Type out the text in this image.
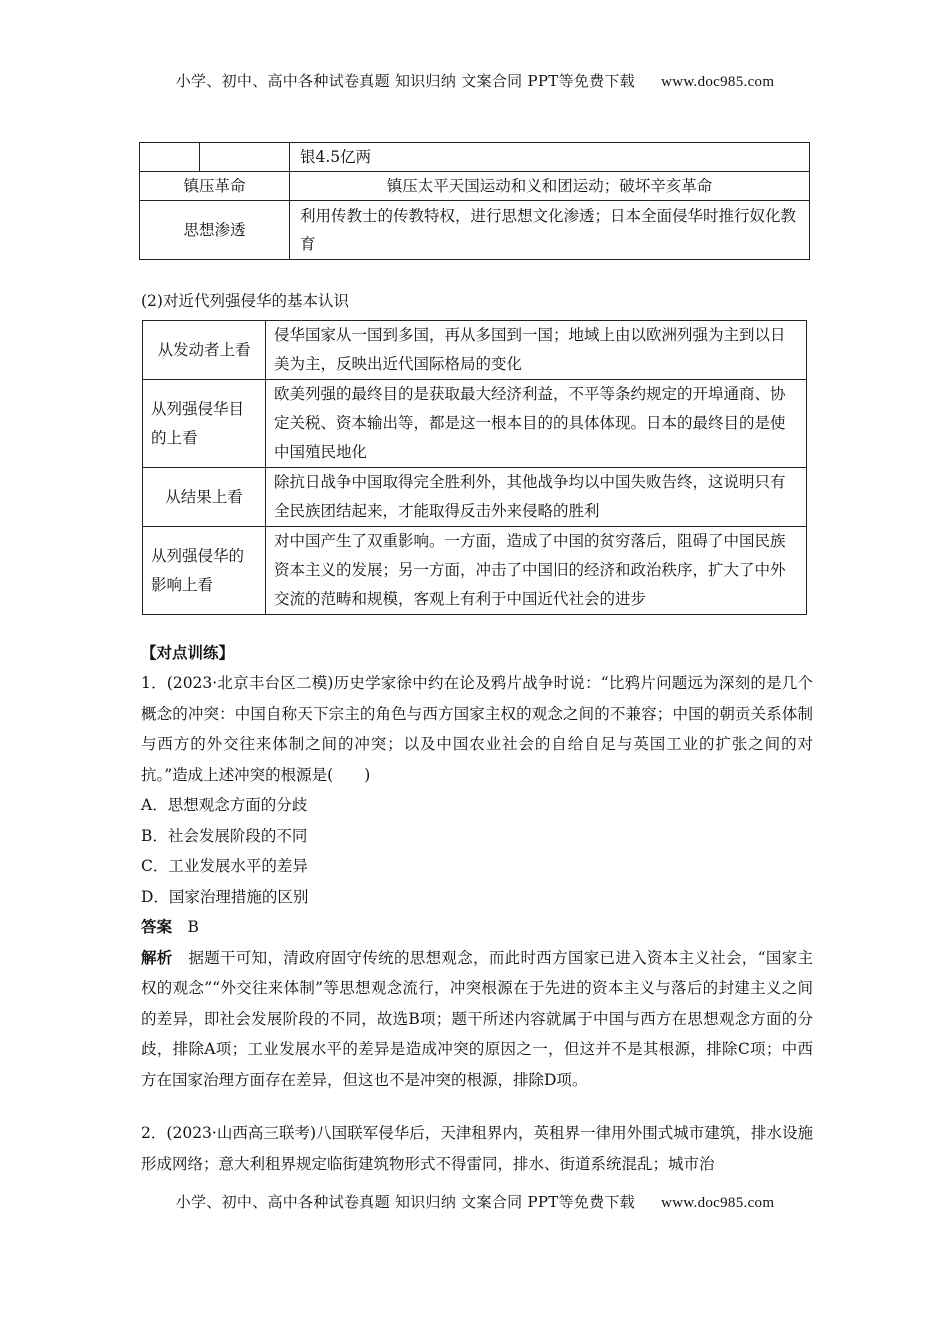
小学、初中、高中各种试卷真题 知识归纳 文案合同 PPT等免费下载 www.doc985.com
		银4.5亿两
镇压革命		镇压太平天国运动和义和团运动；破坏辛亥革命
思想渗透		利用传教士的传教特权，进行思想文化渗透；日本全面侵华时推行奴化教育
(2)对近代列强侵华的基本认识
从发动者上看	侵华国家从一国到多国，再从多国到一国；地域上由以欧洲列强为主到以日美为主，反映出近代国际格局的变化
从列强侵华目的上看	欧美列强的最终目的是获取最大经济利益，不平等条约规定的开埠通商、协定关税、资本输出等，都是这一根本目的的具体体现。日本的最终目的是使中国殖民地化
从结果上看	除抗日战争中国取得完全胜利外，其他战争均以中国失败告终，这说明只有全民族团结起来，才能取得反击外来侵略的胜利
从列强侵华的影响上看	对中国产生了双重影响。一方面，造成了中国的贫穷落后，阻碍了中国民族资本主义的发展；另一方面，冲击了中国旧的经济和政治秩序，扩大了中外交流的范畴和规模，客观上有利于中国近代社会的进步
【对点训练】

1．(2023·北京丰台区二模)历史学家徐中约在论及鸦片战争时说：“比鸦片问题远为深刻的是几个概念的冲突：中国自称天下宗主的角色与西方国家主权的观念之间的不兼容；中国的朝贡关系体制与西方的外交往来体制之间的冲突；以及中国农业社会的自给自足与英国工业的扩张之间的对抗。”造成上述冲突的根源是(　　)

A．思想观念方面的分歧

B．社会发展阶段的不同

C．工业发展水平的差异

D．国家治理措施的区别

答案　 B

解析　 据题干可知，清政府固守传统的思想观念，而此时西方国家已进入资本主义社会，“国家主权的观念”“外交往来体制”等思想观念流行，冲突根源在于先进的资本主义与落后的封建主义之间的差异，即社会发展阶段的不同，故选B项；题干所述内容就属于中国与西方在思想观念方面的分歧，排除A项；工业发展水平的差异是造成冲突的原因之一，但这并不是其根源，排除C项；中西方在国家治理方面存在差异，但这也不是冲突的根源，排除D项。

2．(2023·山西高三联考)八国联军侵华后，天津租界内，英租界一律用外围式城市建筑，排水设施形成网络；意大利租界规定临街建筑物形式不得雷同，排水、街道系统混乱；城市治

小学、初中、高中各种试卷真题 知识归纳 文案合同 PPT等免费下载 www.doc985.com
